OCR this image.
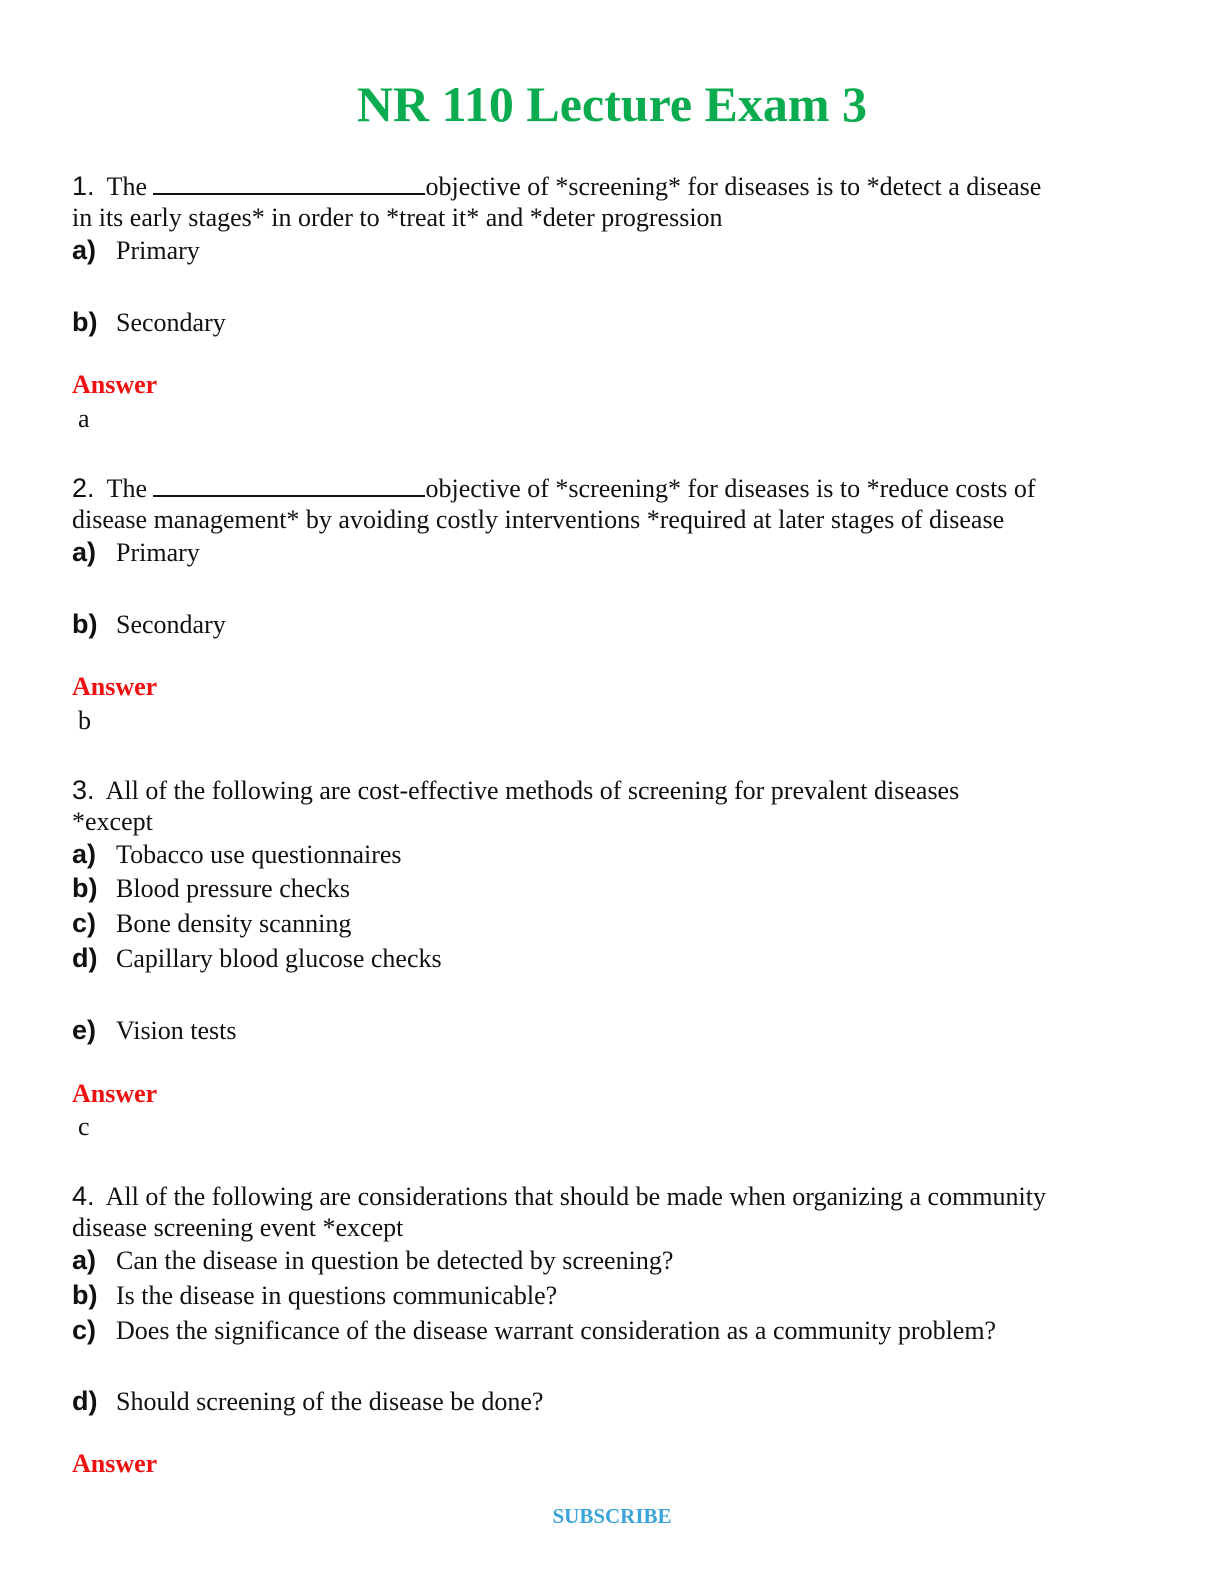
NR 110 Lecture Exam 3
1. The	objective of *screening* for diseases is to *detect a disease
in its early stages* in order to *treat it* and *deter progression
a) Primary
b) Secondary
Answer
a
2. The	objective of *screening* for diseases is to *reduce costs of
disease management* by avoiding costly interventions *required at later stages of disease
a) Primary
b) Secondary
Answer
b
3. All of the following are cost-effective methods of screening for prevalent diseases
*except
a) Tobacco use questionnaires
b) Blood pressure checks
c) Bone density scanning
d) Capillary blood glucose checks
e) Vision tests
Answer
c
4. All of the following are considerations that should be made when organizing a community
disease screening event *except
a) Can the disease in question be detected by screening?
b) Is the disease in questions communicable?
c) Does the significance of the disease warrant consideration as a community problem?
d) Should screening of the disease be done?
Answer
SUBSCRIBE
